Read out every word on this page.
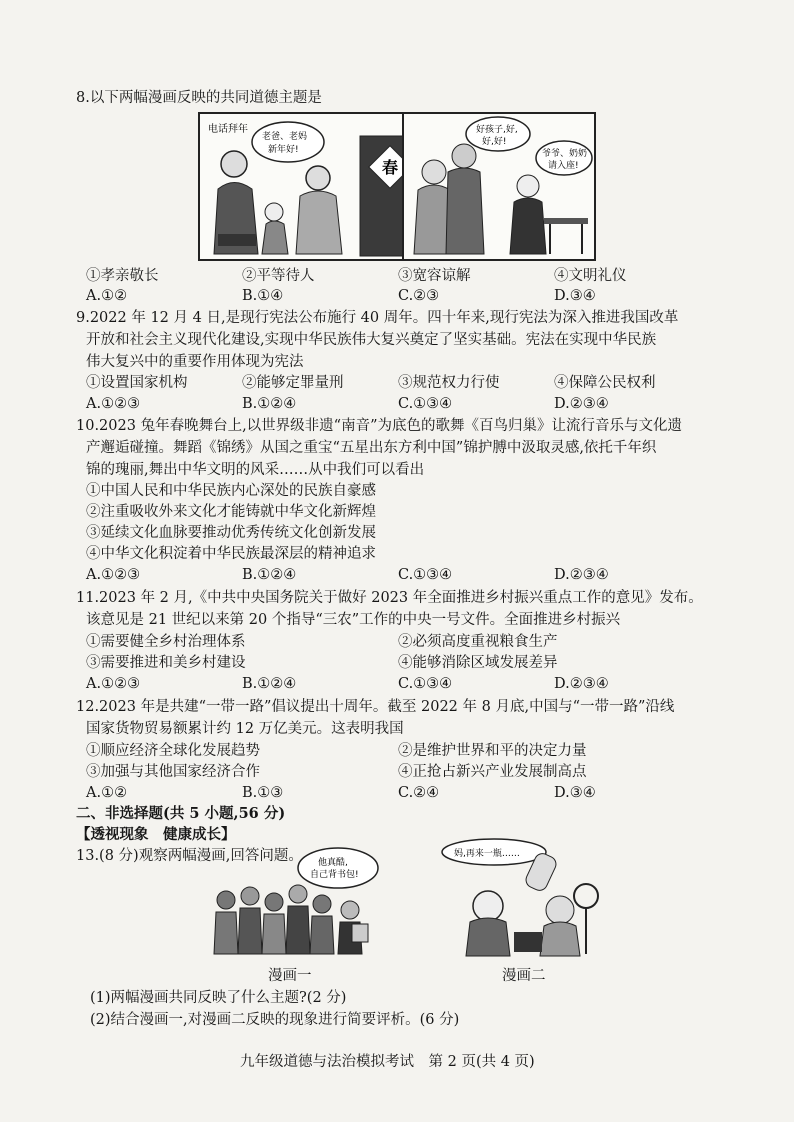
8.以下两幅漫画反映的共同道德主题是
电话拜年
老爸、老妈
新年好!
春
好孩子,好,
好,好!
爷爷、奶奶
请入座!
①孝亲敬长	②平等待人	③宽容谅解	④文明礼仪
A.①②	B.①④	C.②③	D.③④
9.2022 年 12 月 4 日,是现行宪法公布施行 40 周年。四十年来,现行宪法为深入推进我国改革
开放和社会主义现代化建设,实现中华民族伟大复兴奠定了坚实基础。宪法在实现中华民族
伟大复兴中的重要作用体现为宪法
①设置国家机构	②能够定罪量刑	③规范权力行使	④保障公民权利
A.①②③	B.①②④	C.①③④	D.②③④
10.2023 兔年春晚舞台上,以世界级非遗“南音”为底色的歌舞《百鸟归巢》让流行音乐与文化遗
产邂逅碰撞。舞蹈《锦绣》从国之重宝“五星出东方利中国”锦护膊中汲取灵感,依托千年织
锦的瑰丽,舞出中华文明的风采……从中我们可以看出
①中国人民和中华民族内心深处的民族自豪感
②注重吸收外来文化才能铸就中华文化新辉煌
③延续文化血脉要推动优秀传统文化创新发展
④中华文化积淀着中华民族最深层的精神追求
A.①②③	B.①②④	C.①③④	D.②③④
11.2023 年 2 月,《中共中央国务院关于做好 2023 年全面推进乡村振兴重点工作的意见》发布。
该意见是 21 世纪以来第 20 个指导“三农”工作的中央一号文件。全面推进乡村振兴
①需要健全乡村治理体系	②必须高度重视粮食生产
③需要推进和美乡村建设	④能够消除区域发展差异
A.①②③	B.①②④	C.①③④	D.②③④
12.2023 年是共建“一带一路”倡议提出十周年。截至 2022 年 8 月底,中国与“一带一路”沿线
国家货物贸易额累计约 12 万亿美元。这表明我国
①顺应经济全球化发展趋势	②是维护世界和平的决定力量
③加强与其他国家经济合作	④正抢占新兴产业发展制高点
A.①②	B.①③	C.②④	D.③④
二、非选择题(共 5 小题,56 分)
【透视现象　健康成长】
13.(8 分)观察两幅漫画,回答问题。 他真酷,
自己背书包!
漫画一
妈,再来一瓶……
漫画二
(1)两幅漫画共同反映了什么主题?(2 分)
(2)结合漫画一,对漫画二反映的现象进行简要评析。(6 分)
九年级道德与法治模拟考试　第 2 页(共 4 页)
